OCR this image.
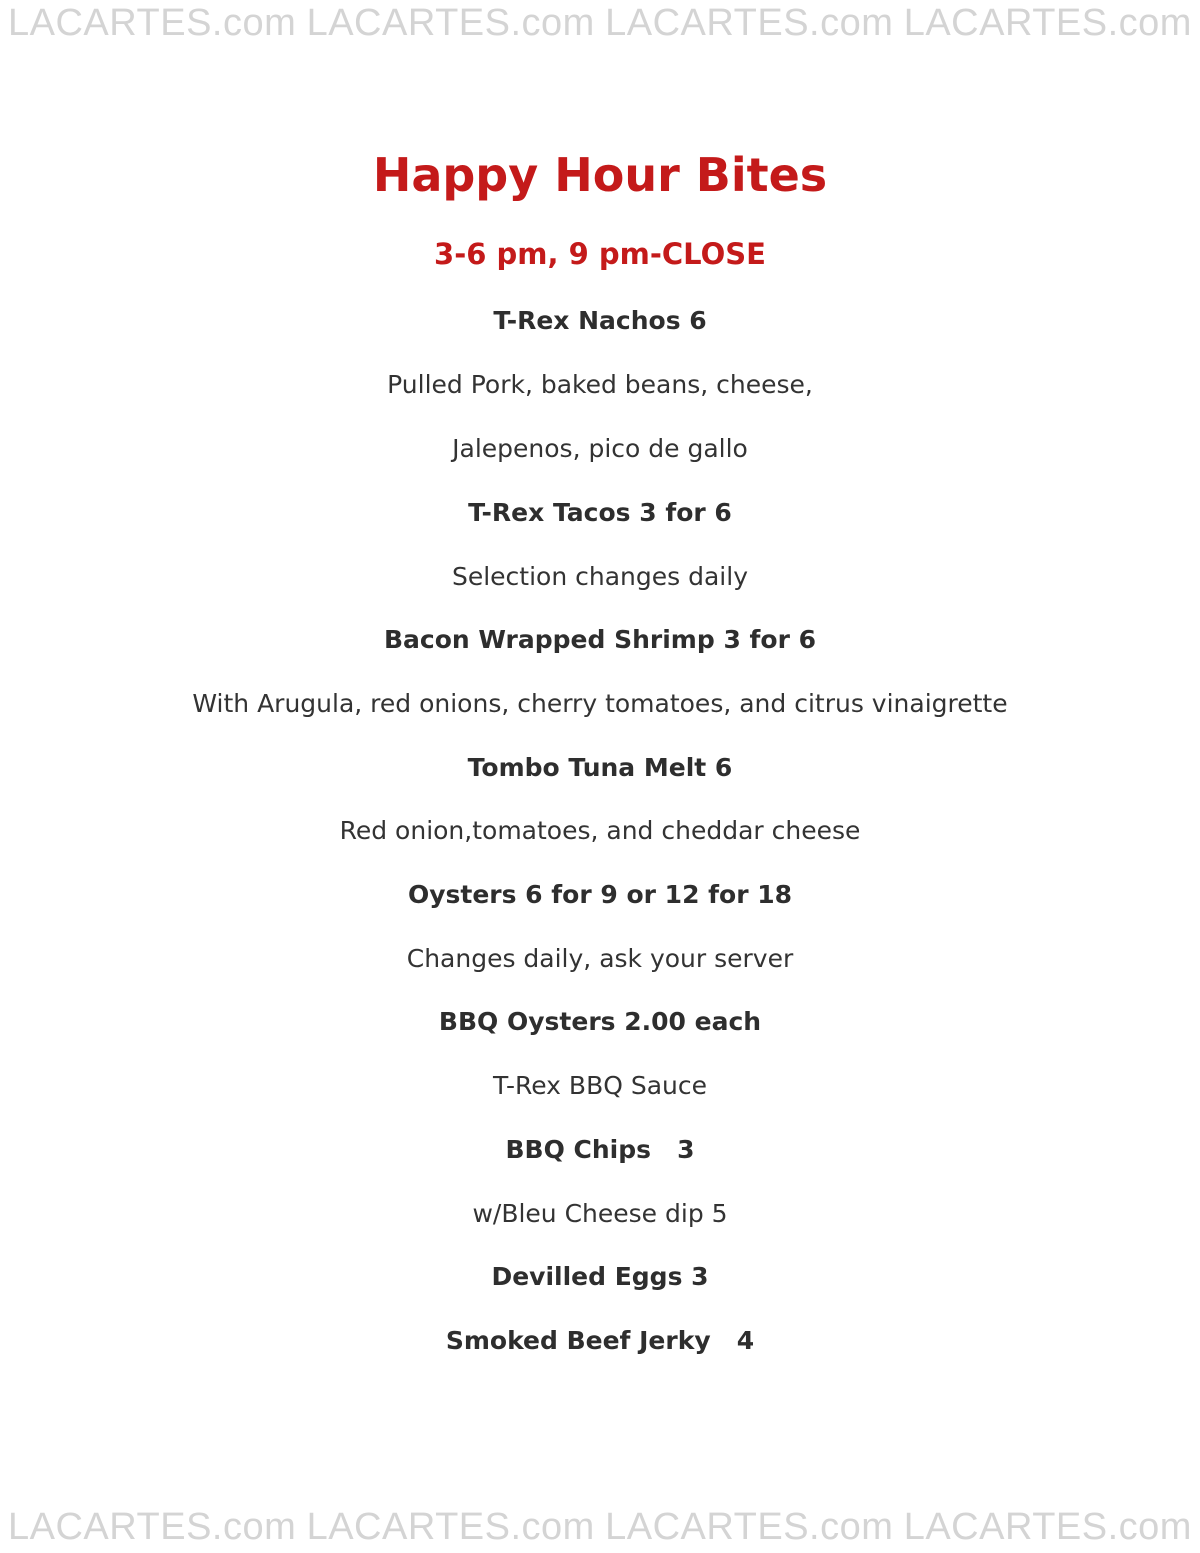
LACARTES.com LACARTES.com LACARTES.com LACARTES.com
Happy Hour Bites
3-6 pm, 9 pm-CLOSE
T-Rex Nachos 6
Pulled Pork, baked beans, cheese,
Jalepenos, pico de gallo
T-Rex Tacos 3 for 6
Selection changes daily
Bacon Wrapped Shrimp 3 for 6
With Arugula, red onions, cherry tomatoes, and citrus vinaigrette
Tombo Tuna Melt 6
Red onion,tomatoes, and cheddar cheese
Oysters 6 for 9 or 12 for 18
Changes daily, ask your server
BBQ Oysters 2.00 each
T-Rex BBQ Sauce
BBQ Chips   3
w/Bleu Cheese dip 5
Devilled Eggs 3
Smoked Beef Jerky   4
LACARTES.com LACARTES.com LACARTES.com LACARTES.com
